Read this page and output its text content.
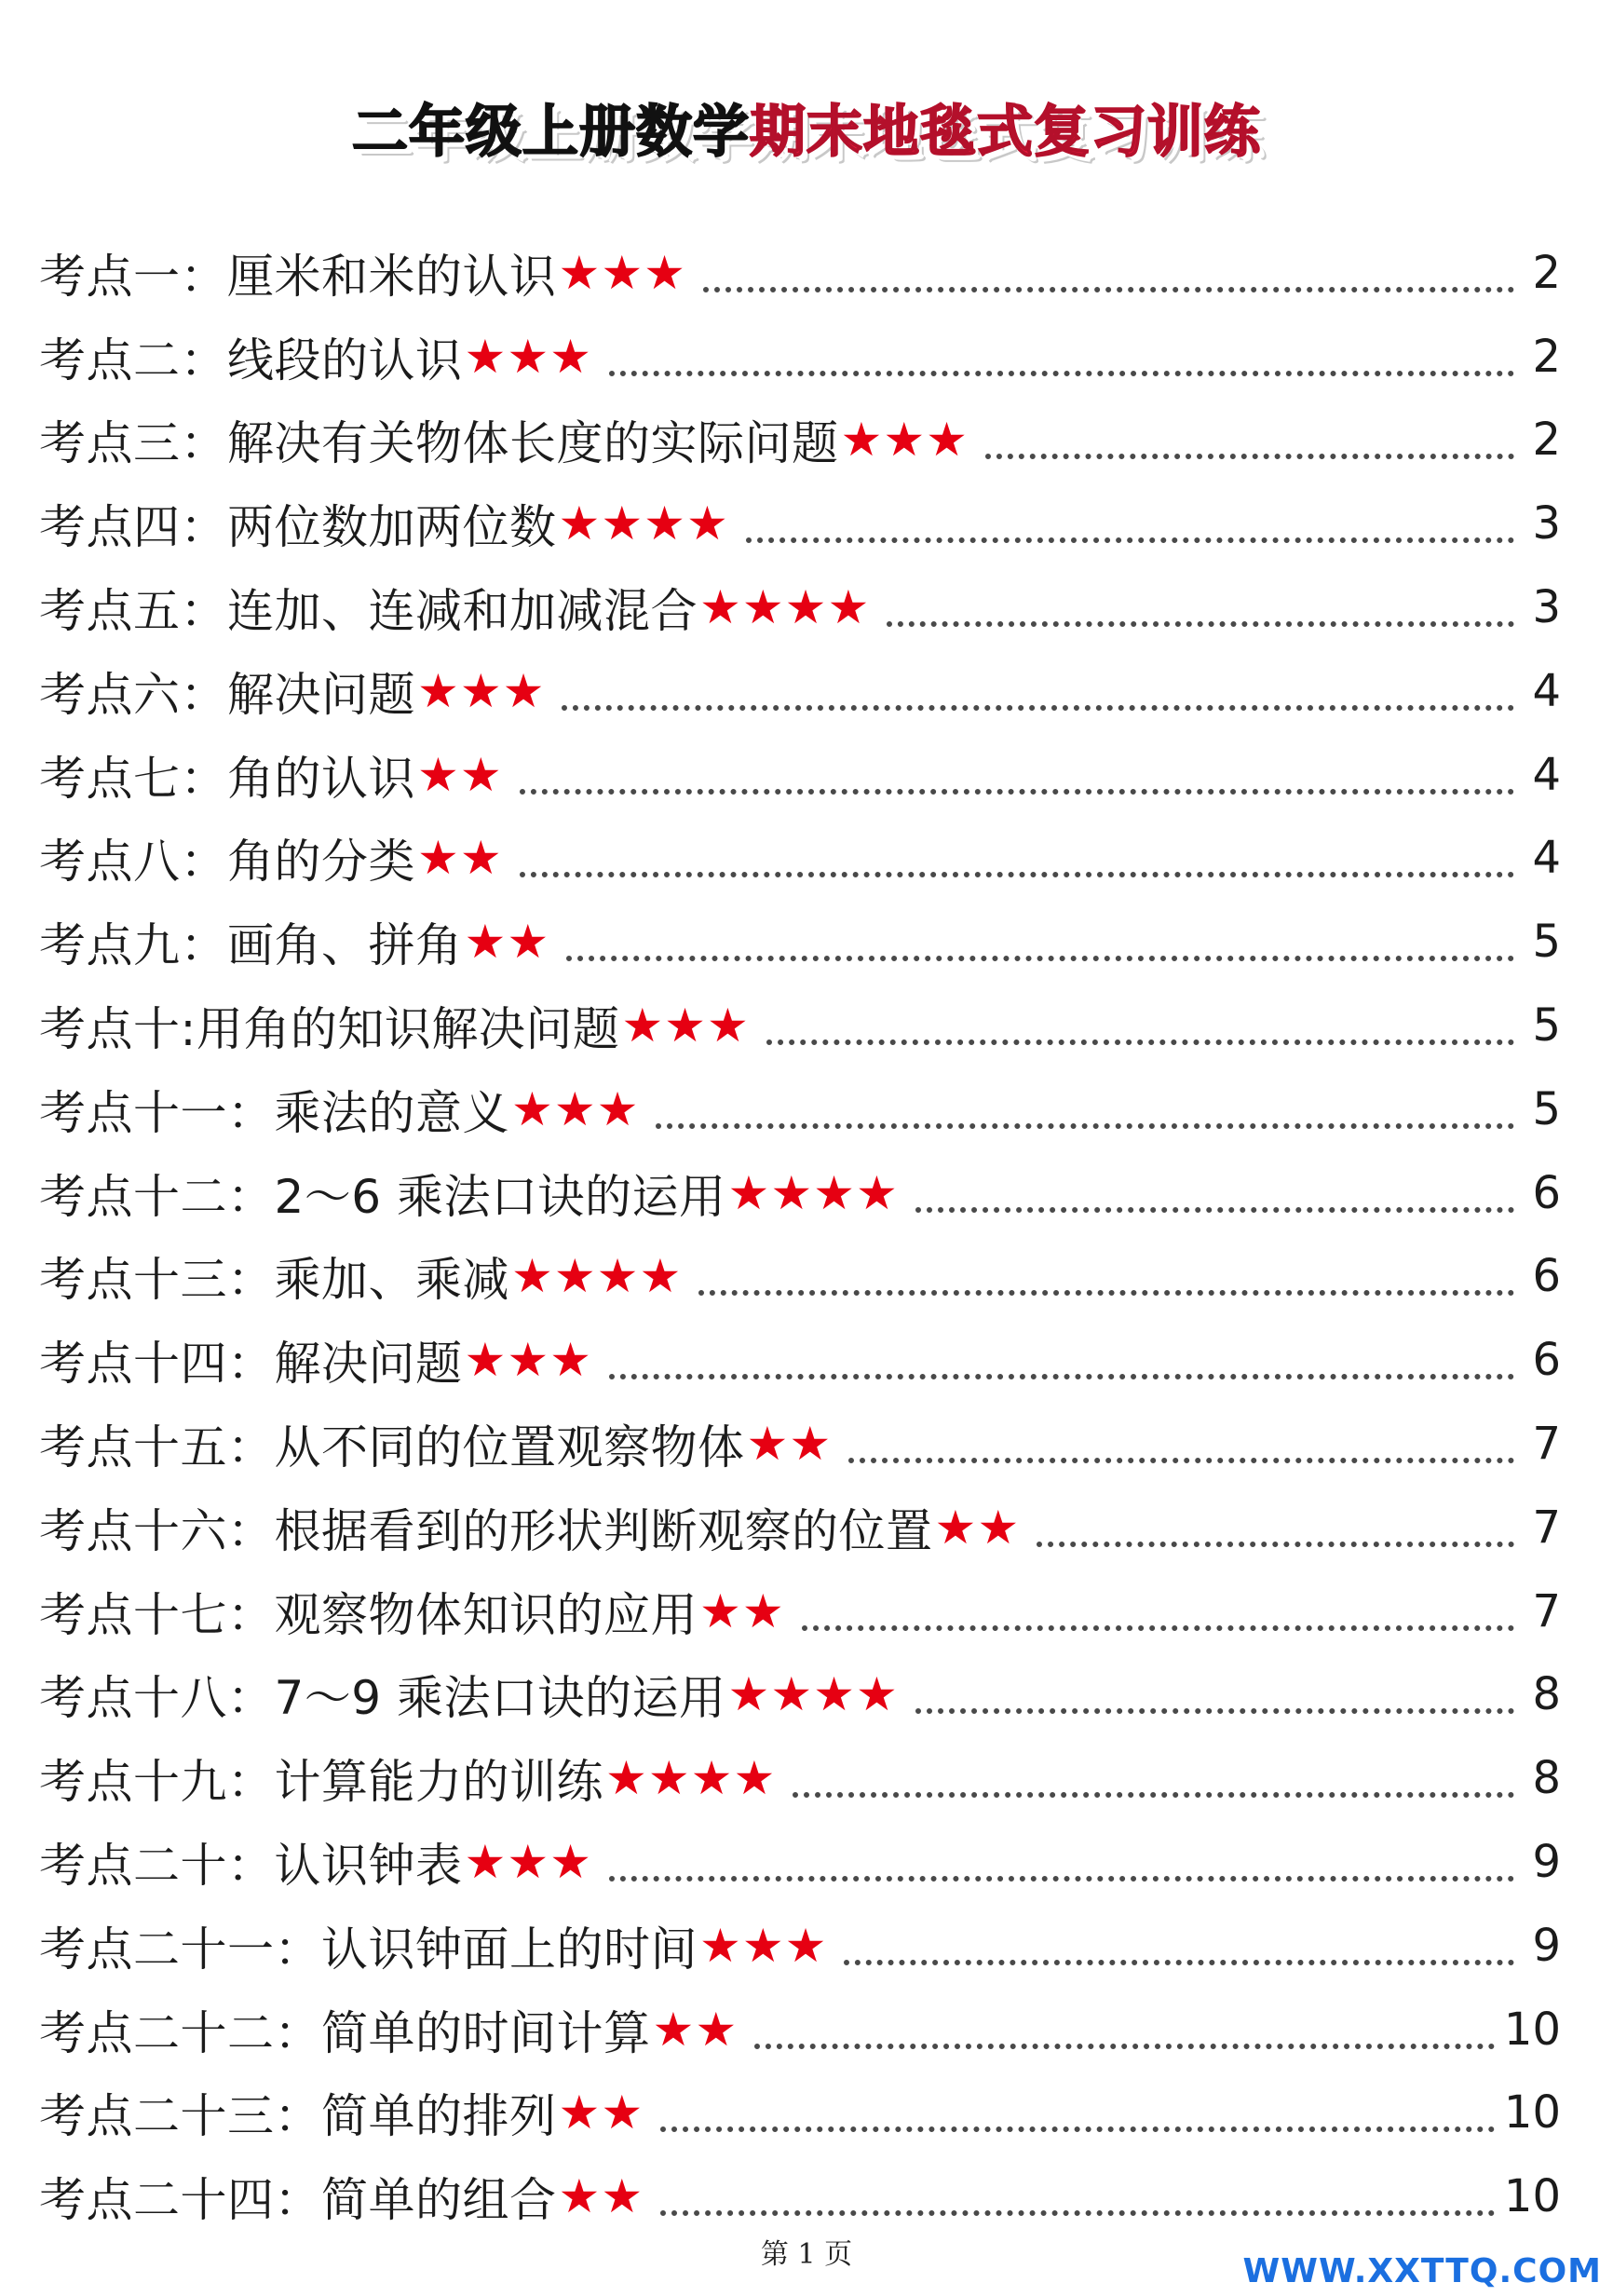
二年级上册数学 期末地毯式复习训练
考点一：厘米和米的认识 ★★★	2
考点二：线段的认识 ★★★	2
考点三：解决有关物体长度的实际问题 ★★★	2
考点四：两位数加两位数 ★★★★	3
考点五：连加、连减和加减混合 ★★★★	3
考点六：解决问题 ★★★	4
考点七：角的认识 ★★	4
考点八：角的分类 ★★	4
考点九：画角、拼角 ★★	5
考点十:用角的知识解决问题 ★★★	5
考点十一：乘法的意义 ★★★	5
考点十二：2～6 乘法口诀的运用 ★★★★	6
考点十三：乘加、乘减 ★★★★	6
考点十四：解决问题 ★★★	6
考点十五：从不同的位置观察物体 ★★	7
考点十六：根据看到的形状判断观察的位置 ★★	7
考点十七：观察物体知识的应用 ★★	7
考点十八：7～9 乘法口诀的运用 ★★★★	8
考点十九：计算能力的训练 ★★★★	8
考点二十：认识钟表 ★★★	9
考点二十一：认识钟面上的时间 ★★★	9
考点二十二：简单的时间计算 ★★	10
考点二十三：简单的排列 ★★	10
考点二十四：简单的组合 ★★	10
第 1 页	WWW.XXTTQ.COM
